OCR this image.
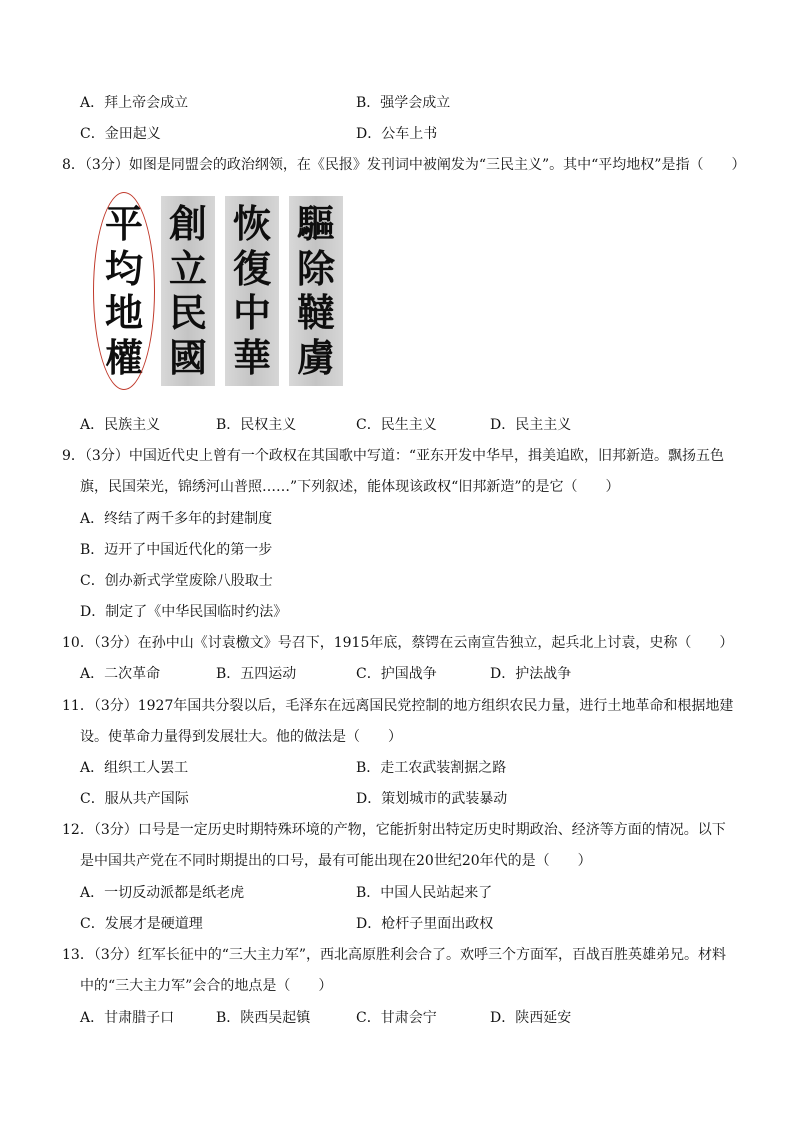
A．拜上帝会成立	B．强学会成立
C．金田起义	D．公车上书
8．（3分）如图是同盟会的政治纲领，在《民报》发刊词中被阐发为“三民主义”。其中“平均地权”是指（　　）
平
均
地
權
創
立
民
國
恢
復
中
華
驅
除
韃
虜
A．民族主义	B．民权主义	C．民生主义	D．民主主义
9．（3分）中国近代史上曾有一个政权在其国歌中写道：“亚东开发中华早，揖美追欧，旧邦新造。飘扬五色
旗，民国荣光，锦绣河山普照……”下列叙述，能体现该政权“旧邦新造”的是它（　　）
A．终结了两千多年的封建制度
B．迈开了中国近代化的第一步
C．创办新式学堂废除八股取士
D．制定了《中华民国临时约法》
10．（3分）在孙中山《讨袁檄文》号召下，1915年底，蔡锷在云南宣告独立，起兵北上讨袁，史称（　　）
A．二次革命	B．五四运动	C．护国战争	D．护法战争
11．（3分）1927年国共分裂以后，毛泽东在远离国民党控制的地方组织农民力量，进行土地革命和根据地建
设。使革命力量得到发展壮大。他的做法是（　　）
A．组织工人罢工	B．走工农武装割据之路
C．服从共产国际	D．策划城市的武装暴动
12．（3分）口号是一定历史时期特殊环境的产物，它能折射出特定历史时期政治、经济等方面的情况。以下
是中国共产党在不同时期提出的口号，最有可能出现在20世纪20年代的是（　　）
A．一切反动派都是纸老虎	B．中国人民站起来了
C．发展才是硬道理	D．枪杆子里面出政权
13．（3分）红军长征中的“三大主力军”，西北高原胜利会合了。欢呼三个方面军，百战百胜英雄弟兄。材料
中的“三大主力军”会合的地点是（　　）
A．甘肃腊子口	B．陕西吴起镇	C．甘肃会宁	D．陕西延安
